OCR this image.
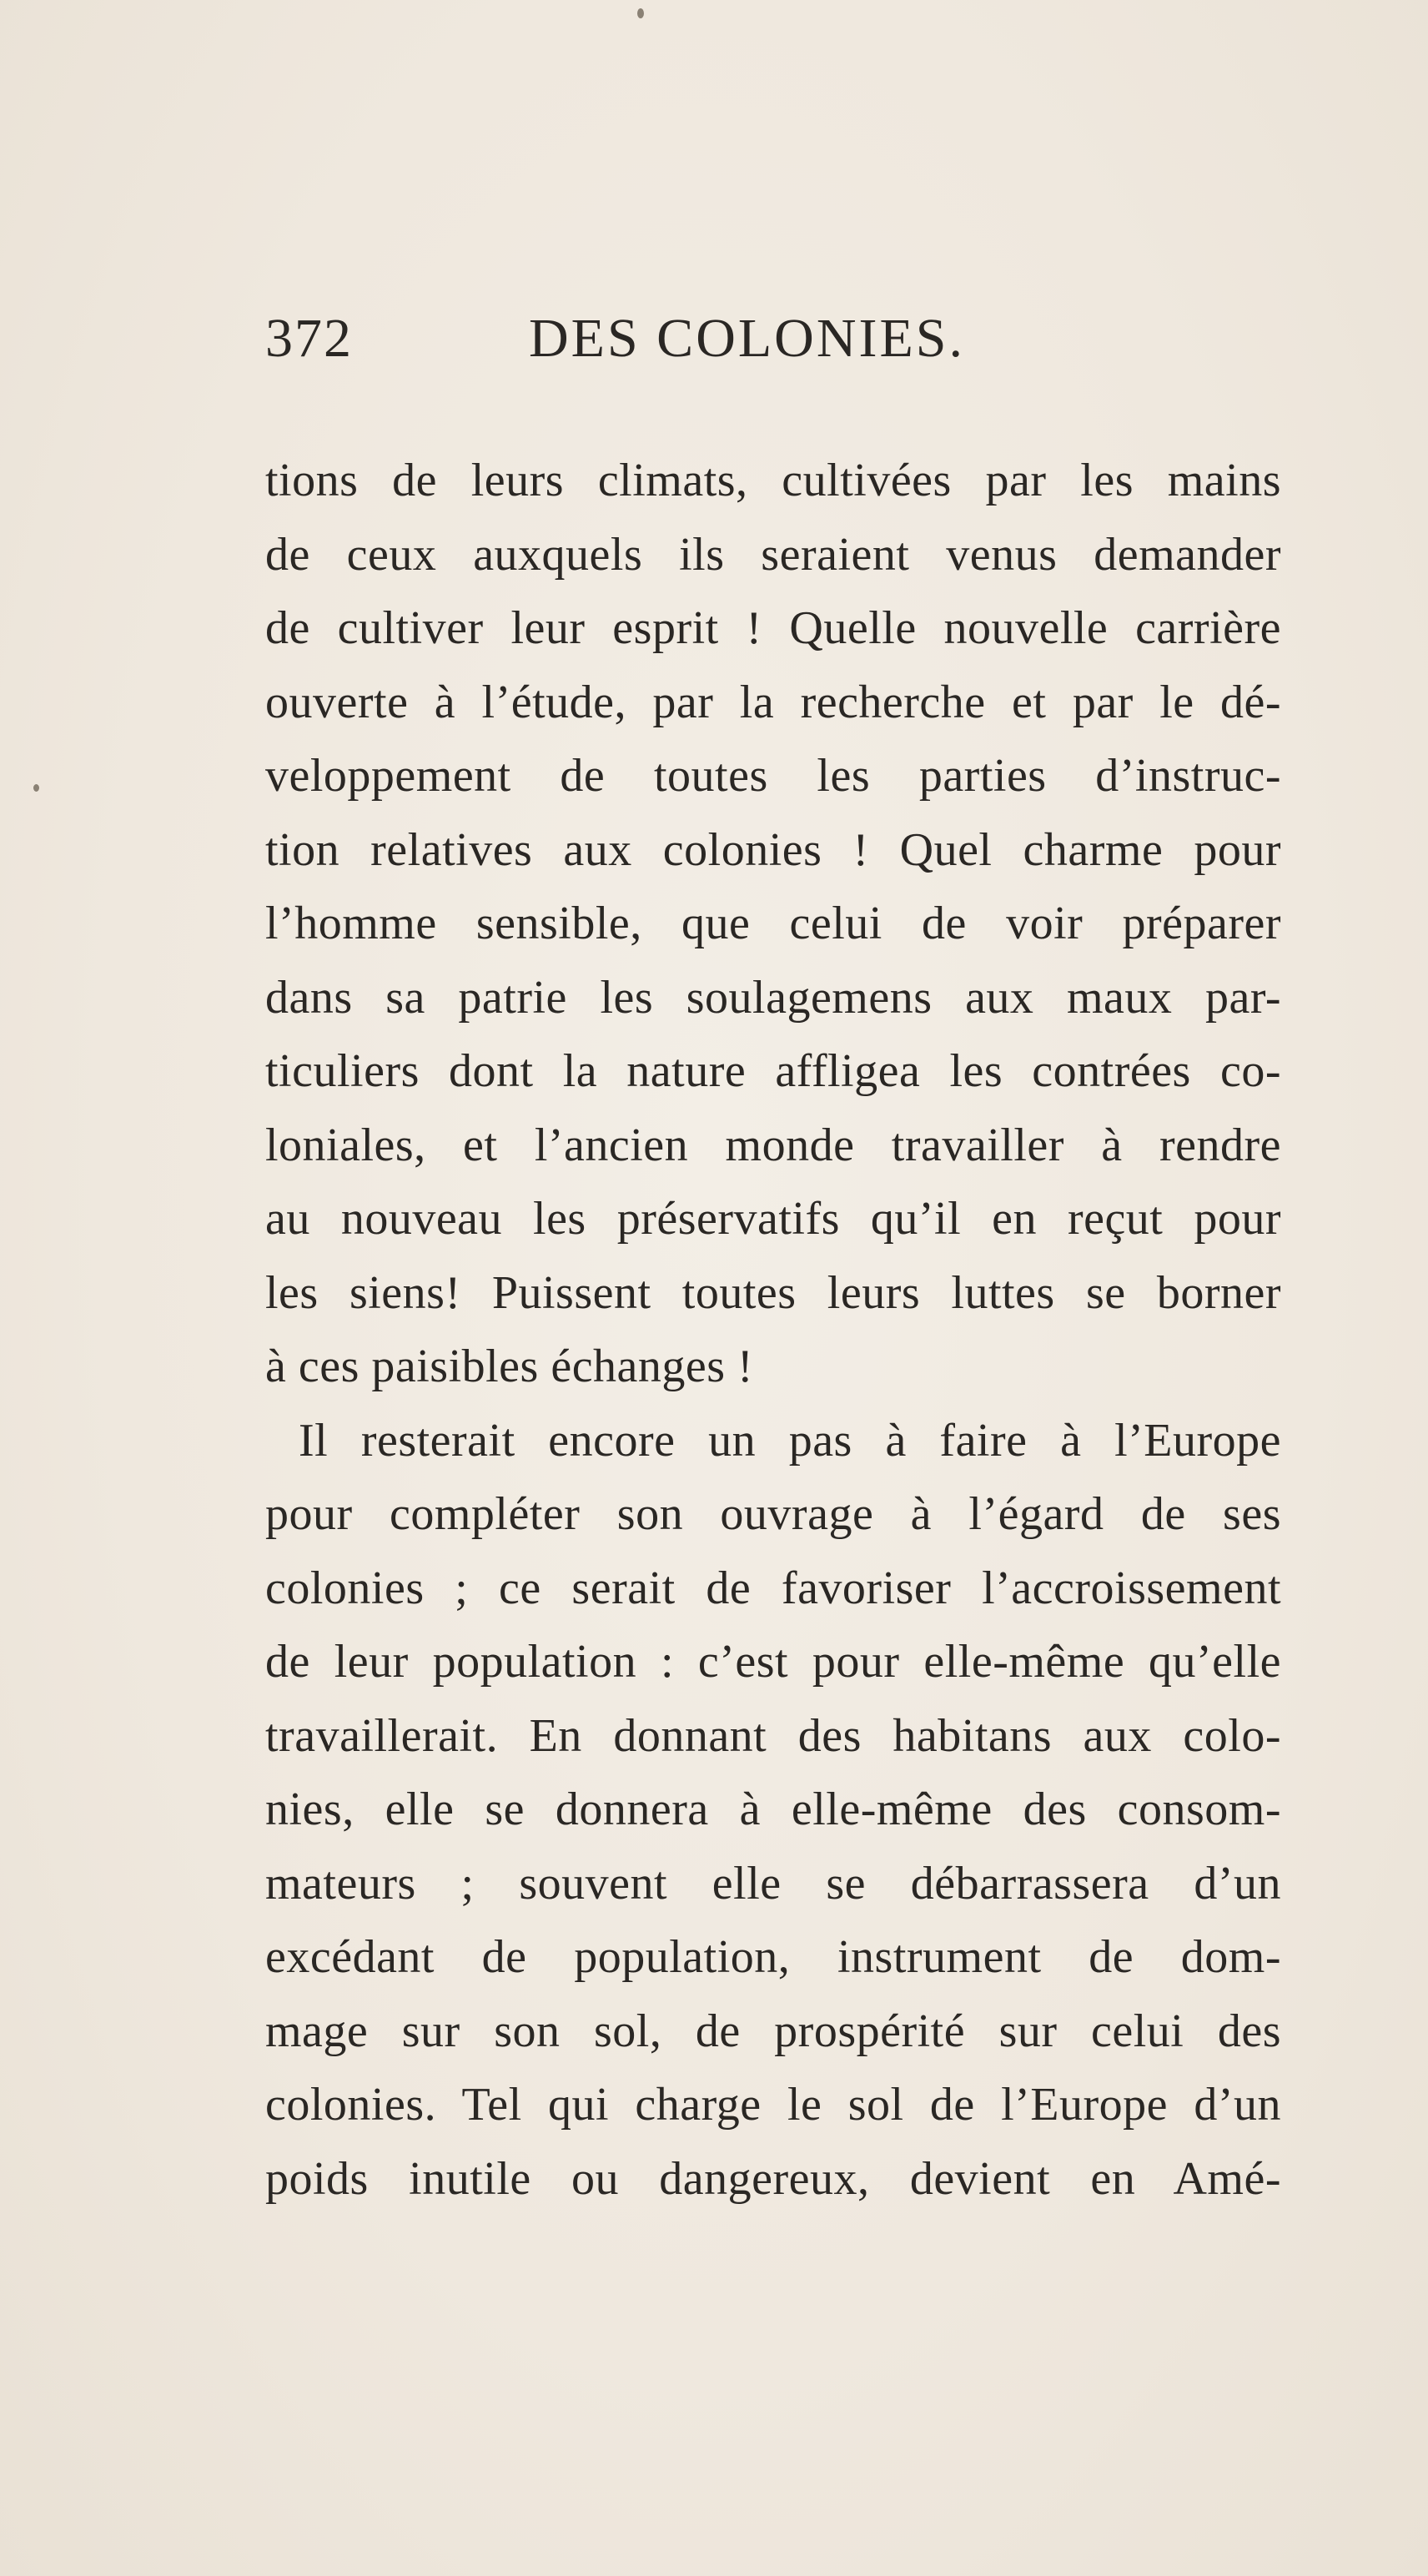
372	DES COLONIES.
tions de leurs climats, cultivées par les mains
de ceux auxquels ils seraient venus demander
de cultiver leur esprit ! Quelle nouvelle carrière
ouverte à l’étude, par la recherche et par le dé-
veloppement de toutes les parties d’instruc-
tion relatives aux colonies ! Quel charme pour
l’homme sensible, que celui de voir préparer
dans sa patrie les soulagemens aux maux par-
ticuliers dont la nature affligea les contrées co-
loniales, et l’ancien monde travailler à rendre
au nouveau les préservatifs qu’il en reçut pour
les siens! Puissent toutes leurs luttes se borner
à ces paisibles échanges !
Il resterait encore un pas à faire à l’Europe
pour compléter son ouvrage à l’égard de ses
colonies ; ce serait de favoriser l’accroissement
de leur population : c’est pour elle-même qu’elle
travaillerait. En donnant des habitans aux colo-
nies, elle se donnera à elle-même des consom-
mateurs ; souvent elle se débarrassera d’un
excédant de population, instrument de dom-
mage sur son sol, de prospérité sur celui des
colonies. Tel qui charge le sol de l’Europe d’un
poids inutile ou dangereux, devient en Amé-
